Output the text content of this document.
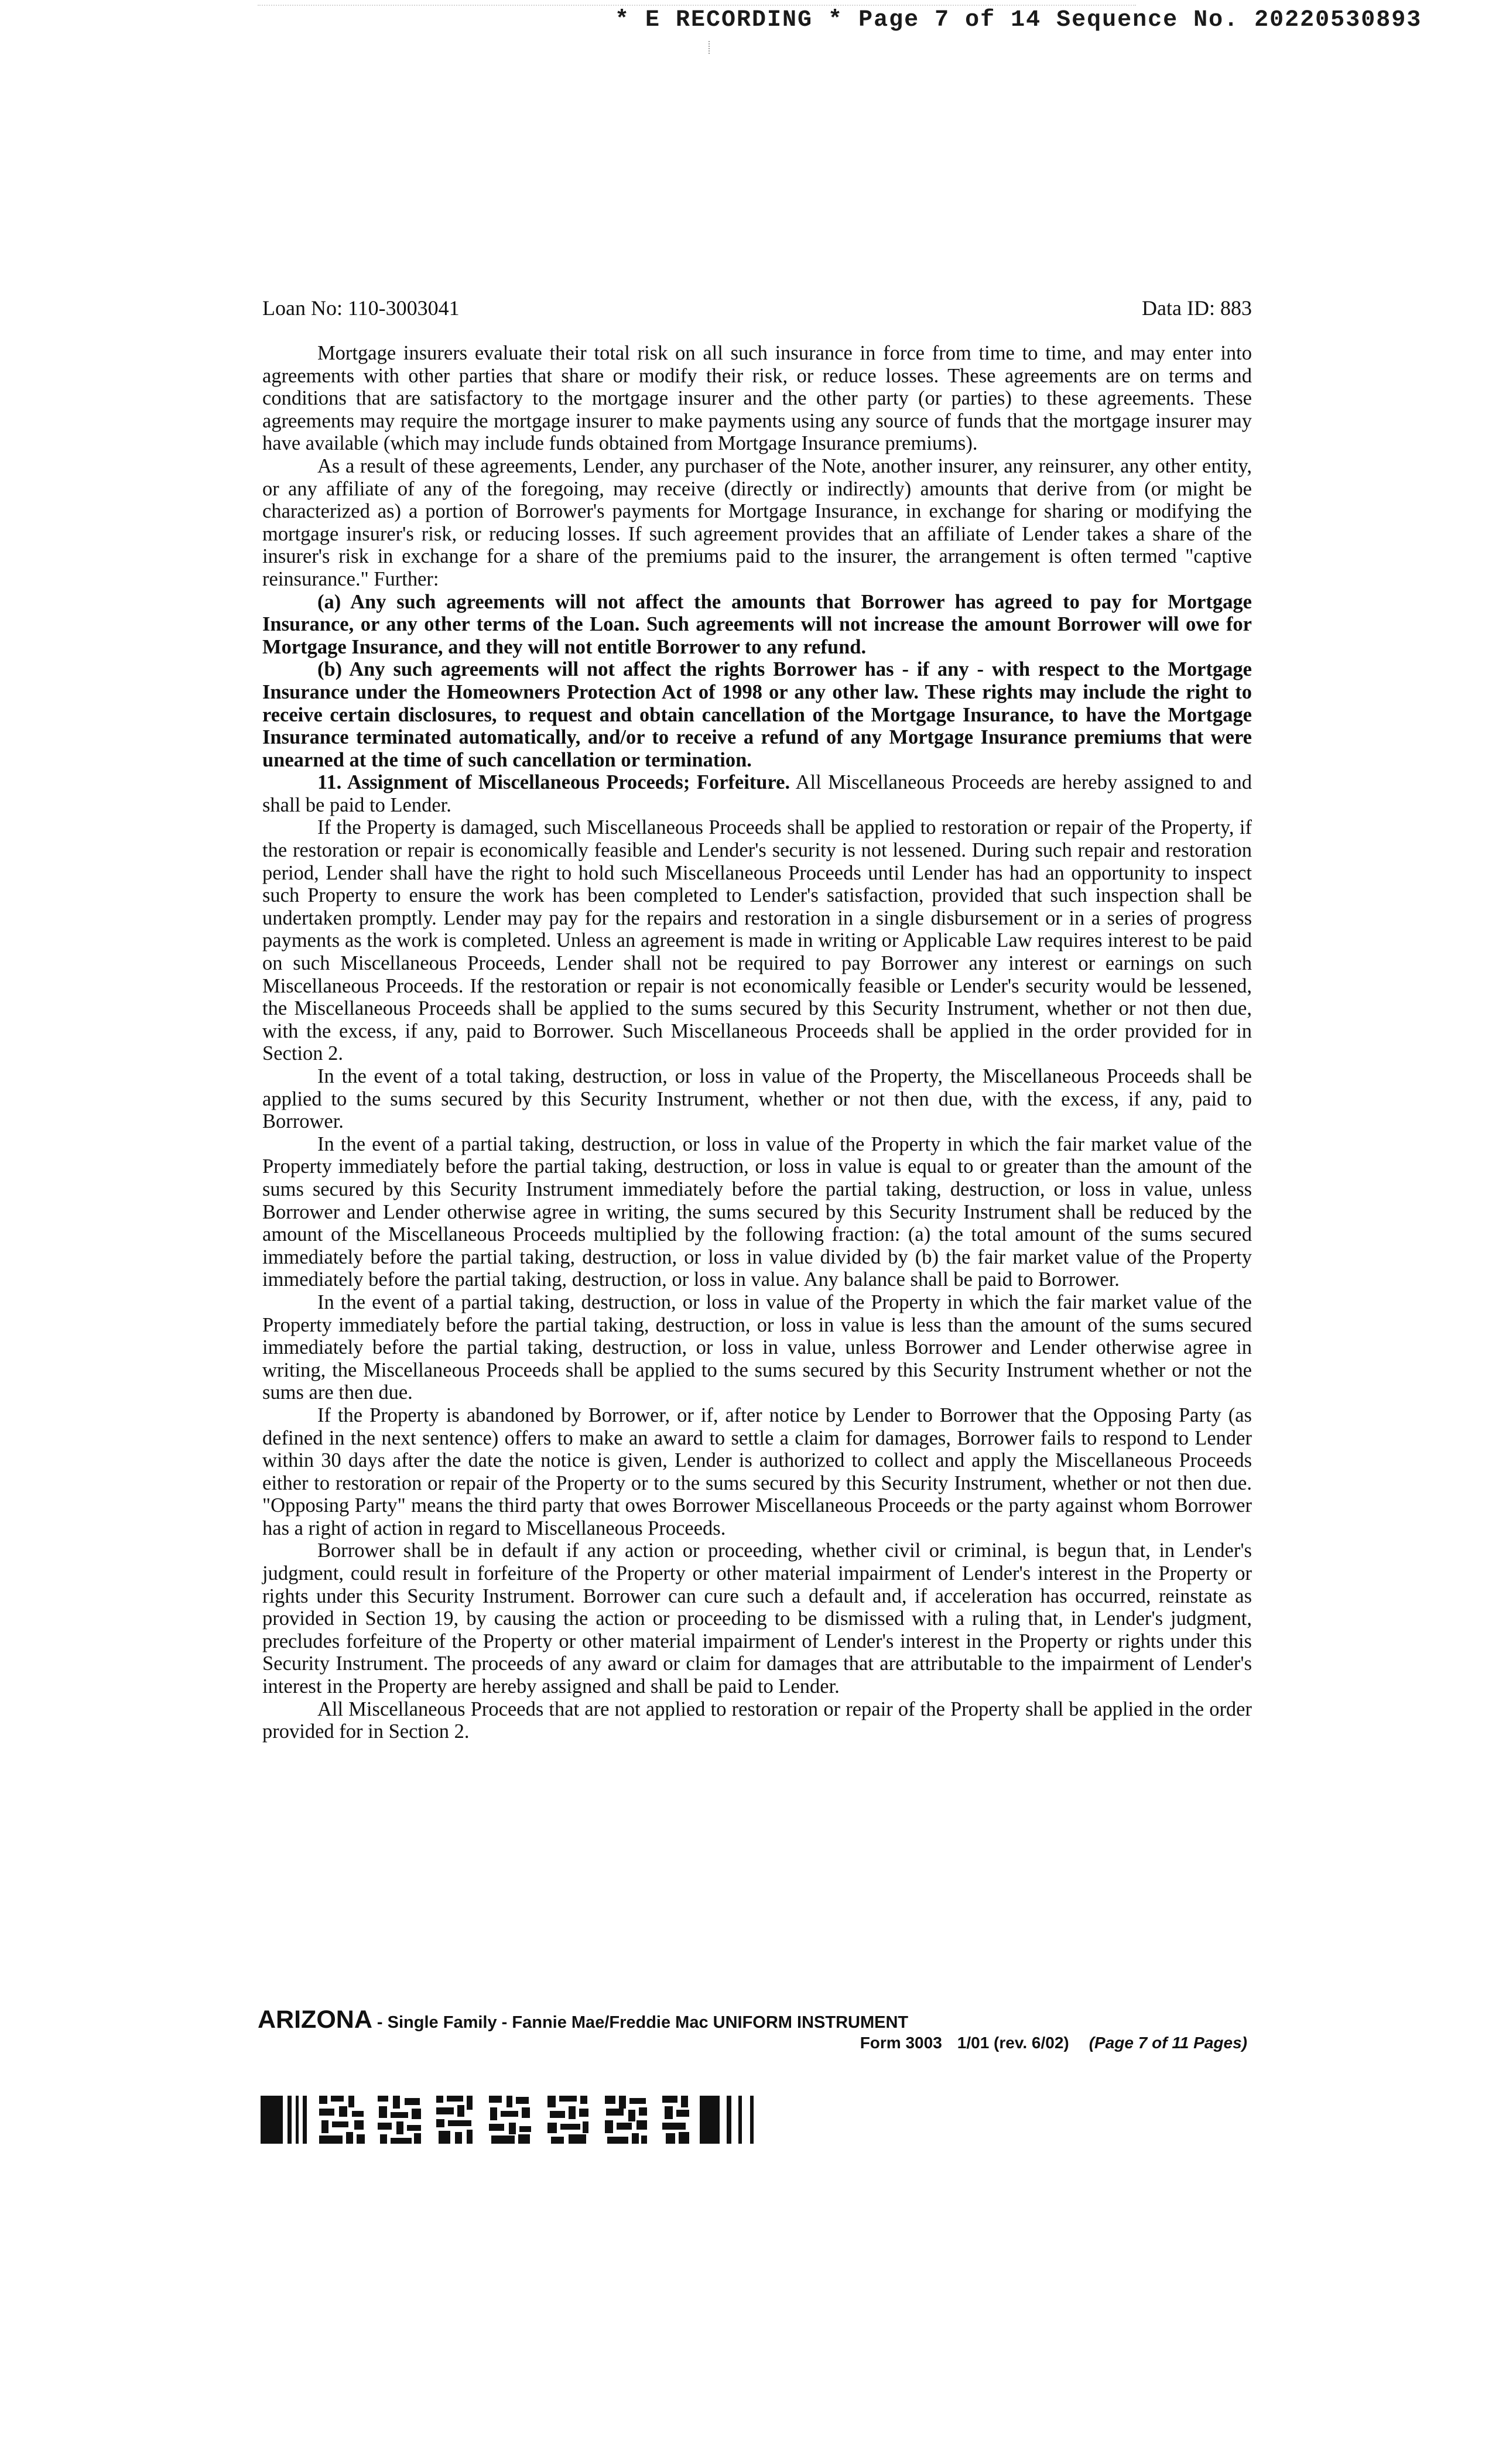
* E RECORDING * Page 7 of 14 Sequence No. 20220530893
Loan No: 110-3003041	Data ID: 883

Mortgage insurers evaluate their total risk on all such insurance in force from time to time, and may enter into agreements with other parties that share or modify their risk, or reduce losses. These agreements are on terms and conditions that are satisfactory to the mortgage insurer and the other party (or parties) to these agreements. These agreements may require the mortgage insurer to make payments using any source of funds that the mortgage insurer may have available (which may include funds obtained from Mortgage Insurance premiums).

As a result of these agreements, Lender, any purchaser of the Note, another insurer, any reinsurer, any other entity, or any affiliate of any of the foregoing, may receive (directly or indirectly) amounts that derive from (or might be characterized as) a portion of Borrower's payments for Mortgage Insurance, in exchange for sharing or modifying the mortgage insurer's risk, or reducing losses. If such agreement provides that an affiliate of Lender takes a share of the insurer's risk in exchange for a share of the premiums paid to the insurer, the arrangement is often termed "captive reinsurance." Further:

(a) Any such agreements will not affect the amounts that Borrower has agreed to pay for Mortgage Insurance, or any other terms of the Loan. Such agreements will not increase the amount Borrower will owe for Mortgage Insurance, and they will not entitle Borrower to any refund.

(b) Any such agreements will not affect the rights Borrower has - if any - with respect to the Mortgage Insurance under the Homeowners Protection Act of 1998 or any other law. These rights may include the right to receive certain disclosures, to request and obtain cancellation of the Mortgage Insurance, to have the Mortgage Insurance terminated automatically, and/or to receive a refund of any Mortgage Insurance premiums that were unearned at the time of such cancellation or termination.

11. Assignment of Miscellaneous Proceeds; Forfeiture. All Miscellaneous Proceeds are hereby assigned to and shall be paid to Lender.

If the Property is damaged, such Miscellaneous Proceeds shall be applied to restoration or repair of the Property, if the restoration or repair is economically feasible and Lender's security is not lessened. During such repair and restoration period, Lender shall have the right to hold such Miscellaneous Proceeds until Lender has had an opportunity to inspect such Property to ensure the work has been completed to Lender's satisfaction, provided that such inspection shall be undertaken promptly. Lender may pay for the repairs and restoration in a single disbursement or in a series of progress payments as the work is completed. Unless an agreement is made in writing or Applicable Law requires interest to be paid on such Miscellaneous Proceeds, Lender shall not be required to pay Borrower any interest or earnings on such Miscellaneous Proceeds. If the restoration or repair is not economically feasible or Lender's security would be lessened, the Miscellaneous Proceeds shall be applied to the sums secured by this Security Instrument, whether or not then due, with the excess, if any, paid to Borrower. Such Miscellaneous Proceeds shall be applied in the order provided for in Section 2.

In the event of a total taking, destruction, or loss in value of the Property, the Miscellaneous Proceeds shall be applied to the sums secured by this Security Instrument, whether or not then due, with the excess, if any, paid to Borrower.

In the event of a partial taking, destruction, or loss in value of the Property in which the fair market value of the Property immediately before the partial taking, destruction, or loss in value is equal to or greater than the amount of the sums secured by this Security Instrument immediately before the partial taking, destruction, or loss in value, unless Borrower and Lender otherwise agree in writing, the sums secured by this Security Instrument shall be reduced by the amount of the Miscellaneous Proceeds multiplied by the following fraction: (a) the total amount of the sums secured immediately before the partial taking, destruction, or loss in value divided by (b) the fair market value of the Property immediately before the partial taking, destruction, or loss in value. Any balance shall be paid to Borrower.

In the event of a partial taking, destruction, or loss in value of the Property in which the fair market value of the Property immediately before the partial taking, destruction, or loss in value is less than the amount of the sums secured immediately before the partial taking, destruction, or loss in value, unless Borrower and Lender otherwise agree in writing, the Miscellaneous Proceeds shall be applied to the sums secured by this Security Instrument whether or not the sums are then due.

If the Property is abandoned by Borrower, or if, after notice by Lender to Borrower that the Opposing Party (as defined in the next sentence) offers to make an award to settle a claim for damages, Borrower fails to respond to Lender within 30 days after the date the notice is given, Lender is authorized to collect and apply the Miscellaneous Proceeds either to restoration or repair of the Property or to the sums secured by this Security Instrument, whether or not then due. "Opposing Party" means the third party that owes Borrower Miscellaneous Proceeds or the party against whom Borrower has a right of action in regard to Miscellaneous Proceeds.

Borrower shall be in default if any action or proceeding, whether civil or criminal, is begun that, in Lender's judgment, could result in forfeiture of the Property or other material impairment of Lender's interest in the Property or rights under this Security Instrument. Borrower can cure such a default and, if acceleration has occurred, reinstate as provided in Section 19, by causing the action or proceeding to be dismissed with a ruling that, in Lender's judgment, precludes forfeiture of the Property or other material impairment of Lender's interest in the Property or rights under this Security Instrument. The proceeds of any award or claim for damages that are attributable to the impairment of Lender's interest in the Property are hereby assigned and shall be paid to Lender.

All Miscellaneous Proceeds that are not applied to restoration or repair of the Property shall be applied in the order provided for in Section 2.

ARIZONA - Single Family - Fannie Mae/Freddie Mac UNIFORM INSTRUMENT
Form 3003 1/01 (rev. 6/02) (Page 7 of 11 Pages)
